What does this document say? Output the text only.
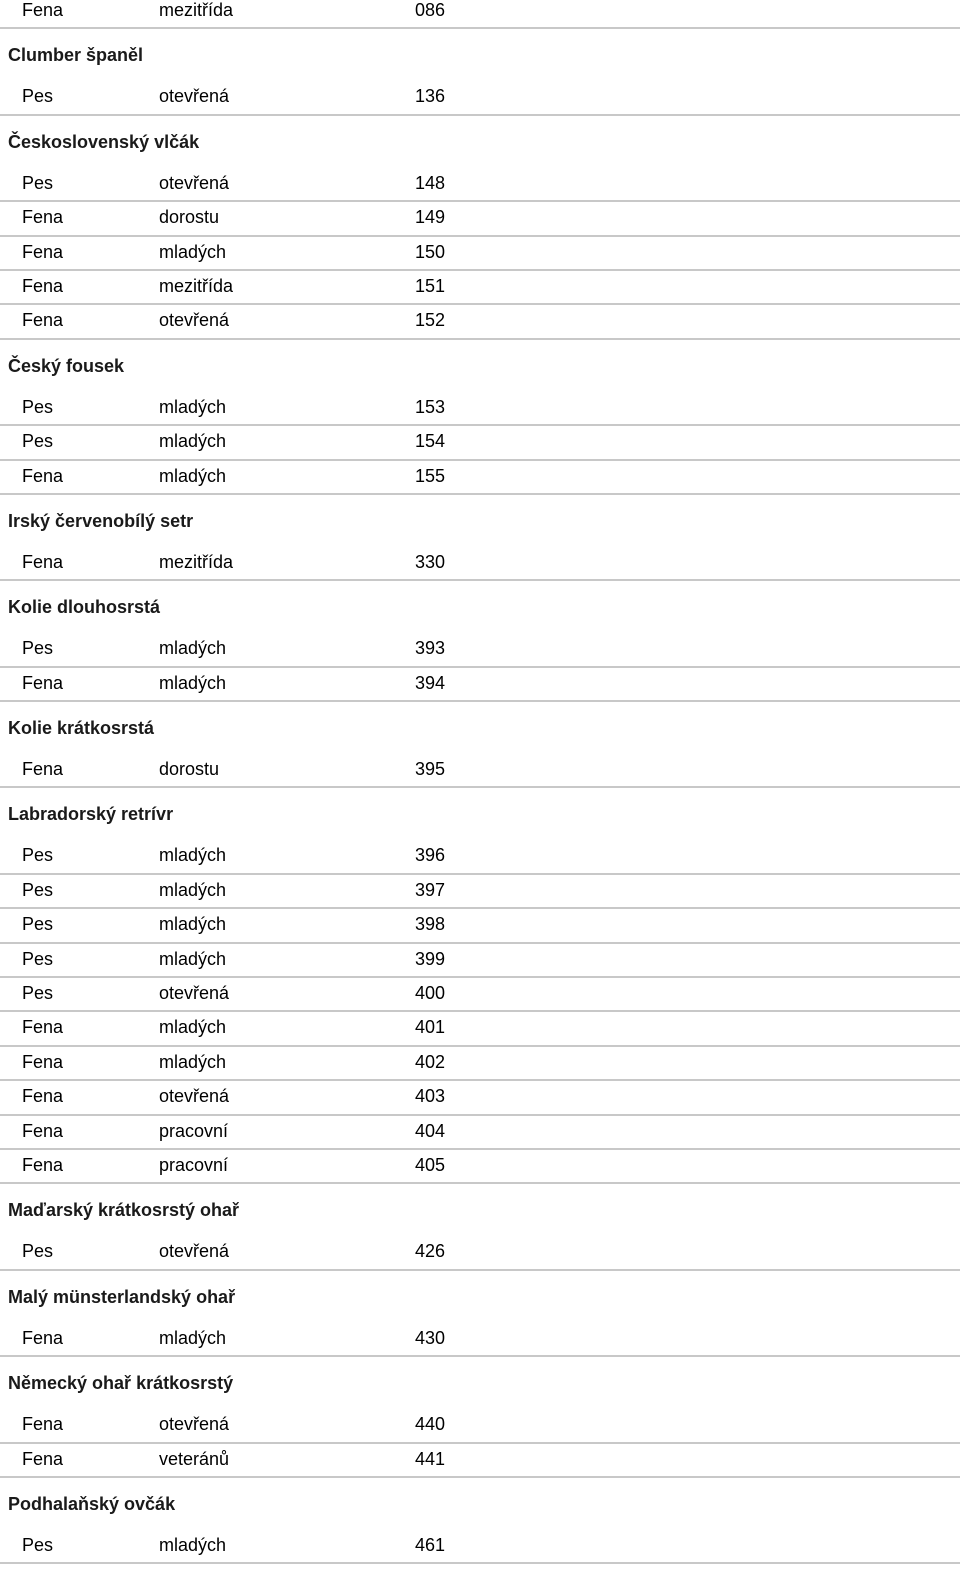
Fena	mezitřída	086
Clumber španěl
Pes	otevřená	136
Československý vlčák
Pes	otevřená	148
Fena	dorostu	149
Fena	mladých	150
Fena	mezitřída	151
Fena	otevřená	152
Český fousek
Pes	mladých	153
Pes	mladých	154
Fena	mladých	155
Irský červenobílý setr
Fena	mezitřída	330
Kolie dlouhosrstá
Pes	mladých	393
Fena	mladých	394
Kolie krátkosrstá
Fena	dorostu	395
Labradorský retrívr
Pes	mladých	396
Pes	mladých	397
Pes	mladých	398
Pes	mladých	399
Pes	otevřená	400
Fena	mladých	401
Fena	mladých	402
Fena	otevřená	403
Fena	pracovní	404
Fena	pracovní	405
Maďarský krátkosrstý ohař
Pes	otevřená	426
Malý münsterlandský ohař
Fena	mladých	430
Německý ohař krátkosrstý
Fena	otevřená	440
Fena	veteránů	441
Podhalaňský ovčák
Pes	mladých	461
